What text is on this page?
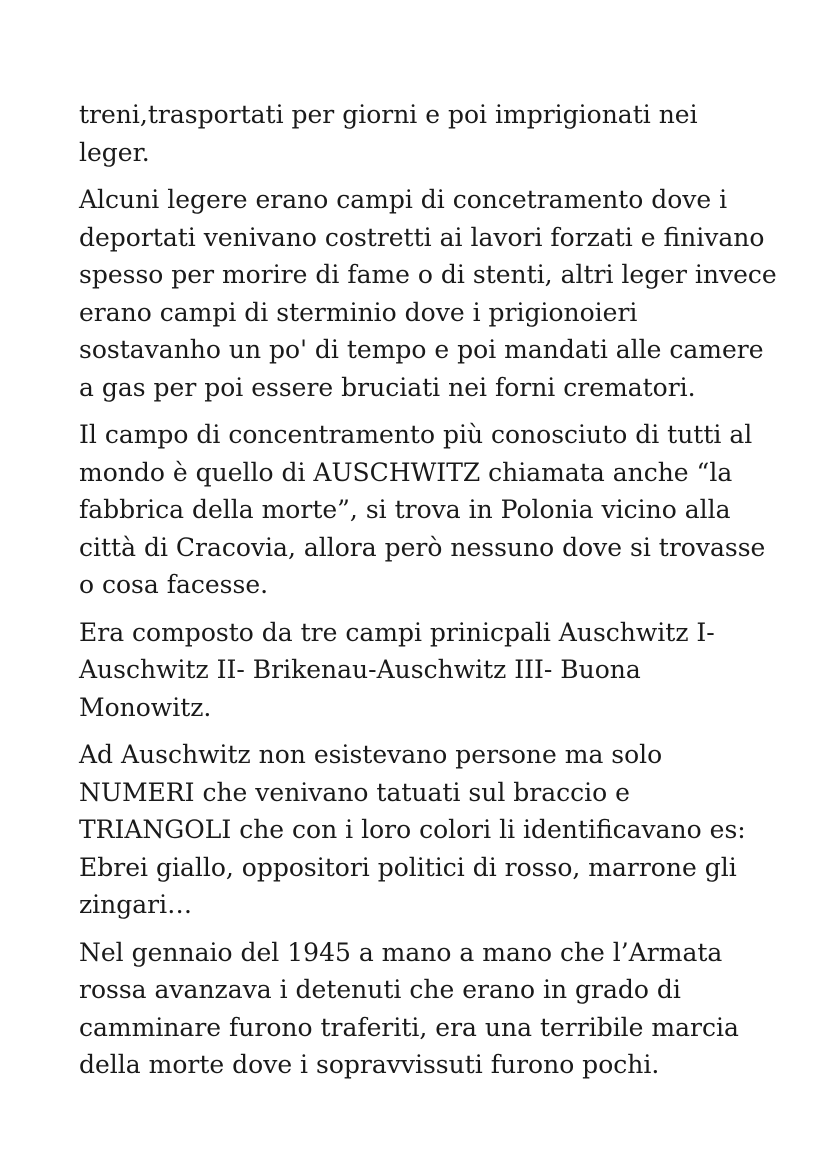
treni,trasportati per giorni e poi imprigionati nei
leger.

Alcuni legere erano campi di concetramento dove i
deportati venivano costretti ai lavori forzati e finivano
spesso per morire di fame o di stenti, altri leger invece
erano campi di sterminio dove i prigionoieri
sostavanho un po' di tempo e poi mandati alle camere
a gas per poi essere bruciati nei forni crematori.

Il campo di concentramento più conosciuto di tutti al
mondo è quello di AUSCHWITZ chiamata anche “la
fabbrica della morte”, si trova in Polonia vicino alla
città di Cracovia, allora però nessuno dove si trovasse
o cosa facesse.

Era composto da tre campi prinicpali Auschwitz I-
Auschwitz II- Brikenau-Auschwitz III- Buona
Monowitz.

Ad Auschwitz non esistevano persone ma solo
NUMERI che venivano tatuati sul braccio e
TRIANGOLI che con i loro colori li identificavano es:
Ebrei giallo, oppositori politici di rosso, marrone gli
zingari…

Nel gennaio del 1945 a mano a mano che l’Armata
rossa avanzava i detenuti che erano in grado di
camminare furono traferiti, era una terribile marcia
della morte dove i sopravvissuti furono pochi.
